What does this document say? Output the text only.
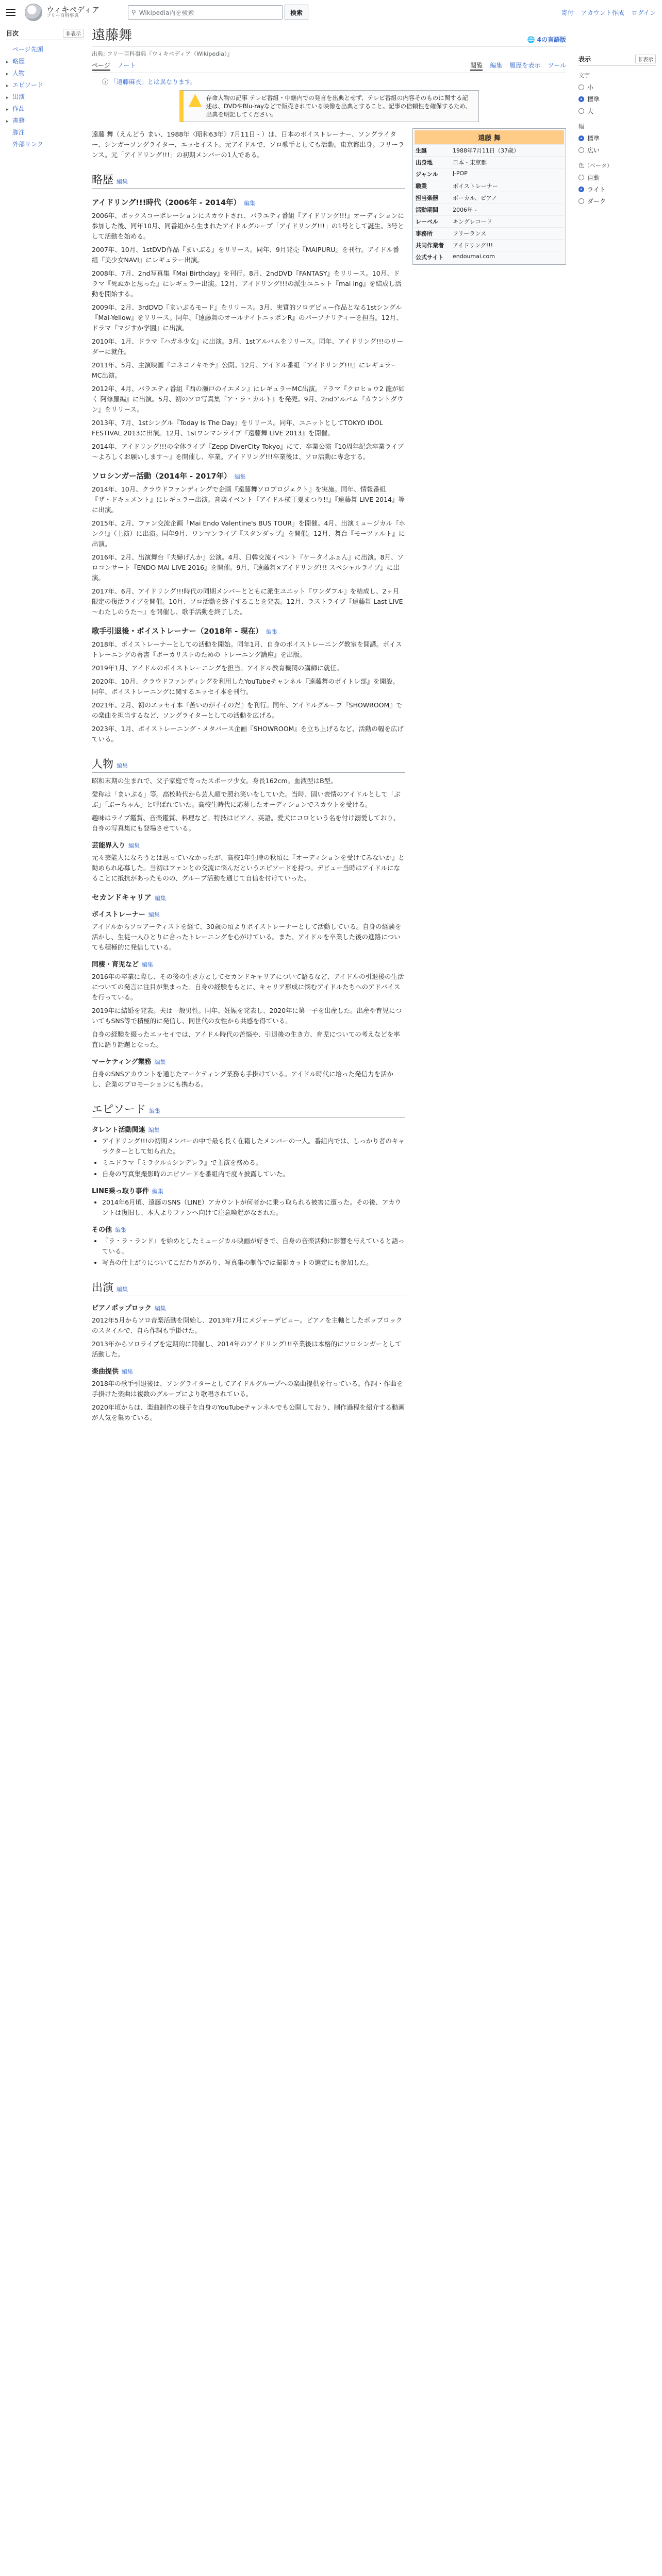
ウィキペディア
フリー百科事典
⚲ Wikipedia内を検索	検索	寄付 アカウント作成 ログイン
目次	非表示
ページ先頭
▸ 略歴
▸ 人物
▸ エピソード
▸ 出演
▸ 作品
▸ 書籍
脚注
外部リンク
遠藤舞	🌐 4の言語版
出典: フリー百科事典『ウィキペディア（Wikipedia）』
ページ ノート	閲覧 編集 履歴を表示 ツール
ⓘ 「遠藤麻衣」とは異なります。
存命人物の記事 テレビ番組・中継内での発言を出典とせず、テレビ番組の内容そのものに関する記述は、DVDやBlu-rayなどで販売されている映像を出典とすること。記事の信頼性を確保するため、出典を明記してください。

遠藤 舞（えんどう まい、1988年〈昭和63年〉7月11日 - ）は、日本のボイストレーナー、ソングライター、シンガーソングライター、エッセイスト。元アイドルで、ソロ歌手としても活動。東京都出身。フリーランス。元「アイドリング!!!」の初期メンバーの1人である。

略歴 編集
アイドリング!!!時代（2006年 - 2014年） 編集

2006年、ボックスコーポレーションにスカウトされ、バラエティ番組『アイドリング!!!』オーディションに参加した後、同年10月、同番組から生まれたアイドルグループ「アイドリング!!!」の1号として誕生。3号として活動を始める。

2007年、10月、1stDVD作品『まいぶる』をリリース。同年、9月発売『MAIPURU』を刊行。アイドル番組『美少女NAVI』にレギュラー出演。

2008年、7月、2nd写真集『Mai Birthday』を刊行。8月、2ndDVD『FANTASY』をリリース。10月、ドラマ『死ぬかと思った』にレギュラー出演。12月、アイドリング!!!の派生ユニット『mai ing』を結成し活動を開始する。

2009年、2月、3rdDVD『まいぶるモード』をリリース。3月、実質的ソロデビュー作品となる1stシングル『Mai-Yellow』をリリース。同年、『遠藤舞のオールナイトニッポンR』のパーソナリティーを担当。12月、ドラマ『マジすか学園』に出演。

2010年、1月、ドラマ『ハガネ少女』に出演。3月、1stアルバムをリリース。同年、アイドリング!!!のリーダーに就任。

2011年、5月、主演映画『コネコノキモチ』公開。12月、アイドル番組『アイドリング!!!』にレギュラーMC出演。

2012年、4月、バラエティ番組『西の瀬戸のイエメン』にレギュラーMC出演。ドラマ『クロヒョウ2 龍が如く 阿修羅編』に出演。5月、初のソロ写真集『ア・ラ・カルト』を発売。9月、2ndアルバム『カウントダウン』をリリース。

2013年、7月、1stシングル『Today Is The Day』をリリース。同年、ユニットとしてTOKYO IDOL FESTIVAL 2013に出演。12月、1stワンマンライブ『遠藤舞 LIVE 2013』を開催。

2014年、アイドリング!!!の全体ライブ『Zepp DiverCity Tokyo』にて、卒業公演『10周年記念卒業ライブ ～よろしくお願いします～』を開催し、卒業。アイドリング!!!卒業後は、ソロ活動に専念する。

ソロシンガー活動（2014年 - 2017年） 編集

2014年、10月、クラウドファンディングで企画『遠藤舞ソロプロジェクト』を実施。同年、情報番組『ザ・ドキュメント』にレギュラー出演。音楽イベント『アイドル横丁夏まつり!!』『遠藤舞 LIVE 2014』等に出演。

2015年、2月、ファン交流企画「Mai Endo Valentine's BUS TOUR」を開催。4月、出演ミュージカル『ホンク!』（上演）に出演。同年9月、ワンマンライブ『スタンダップ』を開催。12月、舞台『モーツァルト』に出演。

2016年、2月、出演舞台『夫婦げんか』公演。4月、日韓交流イベント『ケータイふぁん』に出演。8月、ソロコンサート『ENDO MAI LIVE 2016』を開催。9月、『遠藤舞×アイドリング!!! スペシャルライブ』に出演。

2017年、6月、アイドリング!!!時代の同期メンバーとともに派生ユニット『ワンダフル』を結成し、2ヶ月限定の復活ライブを開催。10月、ソロ活動を終了することを発表。12月、ラストライブ『遠藤舞 Last LIVE ～わたしのうた～』を開催し、歌手活動を終了した。

歌手引退後・ボイストレーナー（2018年 - 現在） 編集

2018年、ボイストレーナーとしての活動を開始。同年1月、自身のボイストレーニング教室を開講。ボイストレーニングの著書『ボーカリストのための トレーニング講座』を出版。

2019年1月、アイドルのボイストレーニングを担当。アイドル教育機関の講師に就任。

2020年、10月、クラウドファンディングを利用したYouTubeチャンネル『遠藤舞のボイトレ部』を開設。同年、ボイストレーニングに関するエッセイ本を刊行。

2021年、2月、初のエッセイ本『苦いのがイイのだ』を刊行。同年、アイドルグループ『SHOWROOM』での楽曲を担当するなど、ソングライターとしての活動を広げる。

2023年、1月、ボイストレーニング・メタバース企画『SHOWROOM』を立ち上げるなど、活動の幅を広げている。

人物 編集

昭和末期の生まれで、父子家庭で育ったスポーツ少女。身長162cm。血液型はB型。

愛称は「まいぷる」等。高校時代から芸人顔で照れ笑いをしていた。当時、固い表情のアイドルとして「ぶぶ」「ぶーちゃん」と呼ばれていた。高校生時代に応募したオーディションでスカウトを受ける。

趣味はライブ鑑賞、音楽鑑賞、料理など。特技はピアノ、英語。愛犬にコロという名を付け溺愛しており、自身の写真集にも登場させている。

芸能界入り 編集

元々芸能人になろうとは思っていなかったが、高校1年生時の秋頃に『オーディションを受けてみないか』と勧められ応募した。当初はファンとの交流に悩んだというエピソードを持つ。デビュー当時はアイドルになることに抵抗があったものの、グループ活動を通じて自信を付けていった。

セカンドキャリア 編集
ボイストレーナー 編集

アイドルからソロアーティストを経て、30歳の頃よりボイストレーナーとして活動している。自身の経験を活かし、生徒一人ひとりに合ったトレーニングを心がけている。また、アイドルを卒業した後の進路についても積極的に発信している。

同棲・育児など 編集

2016年の卒業に際し、その後の生き方としてセカンドキャリアについて語るなど、アイドルの引退後の生活についての発言に注目が集まった。自身の経験をもとに、キャリア形成に悩むアイドルたちへのアドバイスを行っている。

2019年に結婚を発表。夫は一般男性。同年、妊娠を発表し、2020年に第一子を出産した。出産や育児についてもSNS等で積極的に発信し、同世代の女性から共感を得ている。

自身の経験を綴ったエッセイでは、アイドル時代の苦悩や、引退後の生き方、育児についての考えなどを率直に語り話題となった。

マーケティング業務 編集

自身のSNSアカウントを通じたマーケティング業務も手掛けている。アイドル時代に培った発信力を活かし、企業のプロモーションにも携わる。

エピソード 編集
タレント活動関連 編集
• アイドリング!!!の初期メンバーの中で最も長く在籍したメンバーの一人。番組内では、しっかり者のキャラクターとして知られた。
• ミニドラマ『ミラクル☆シンデレラ』で主演を務める。
• 自身の写真集撮影時のエピソードを番組内で度々披露していた。
LINE乗っ取り事件 編集
• 2014年6月頃、遠藤のSNS（LINE）アカウントが何者かに乗っ取られる被害に遭った。その後、アカウントは復旧し、本人よりファンへ向けて注意喚起がなされた。
その他 編集
• 『ラ・ラ・ランド』を始めとしたミュージカル映画が好きで、自身の音楽活動に影響を与えていると語っている。
• 写真の仕上がりについてこだわりがあり、写真集の制作では撮影カットの選定にも参加した。
出演 編集
ピアノポップロック 編集

2012年5月からソロ音楽活動を開始し、2013年7月にメジャーデビュー。ピアノを主軸としたポップロックのスタイルで、自ら作詞も手掛けた。

2013年からソロライブを定期的に開催し、2014年のアイドリング!!!卒業後は本格的にソロシンガーとして活動した。

楽曲提供 編集

2018年の歌手引退後は、ソングライターとしてアイドルグループへの楽曲提供を行っている。作詞・作曲を手掛けた楽曲は複数のグループにより歌唱されている。

2020年頃からは、楽曲制作の様子を自身のYouTubeチャンネルでも公開しており、制作過程を紹介する動画が人気を集めている。

遠藤 舞
生誕	1988年7月11日（37歳）
出身地	日本・東京都
ジャンル	J-POP
職業	ボイストレーナー
担当楽器	ボーカル、ピアノ
活動期間	2006年 -
レーベル	キングレコード
事務所	フリーランス
共同作業者	アイドリング!!!
公式サイト	endoumai.com
表示	非表示
文字
小
標準
大
幅
標準
広い
色（ベータ）
自動
ライト
ダーク
